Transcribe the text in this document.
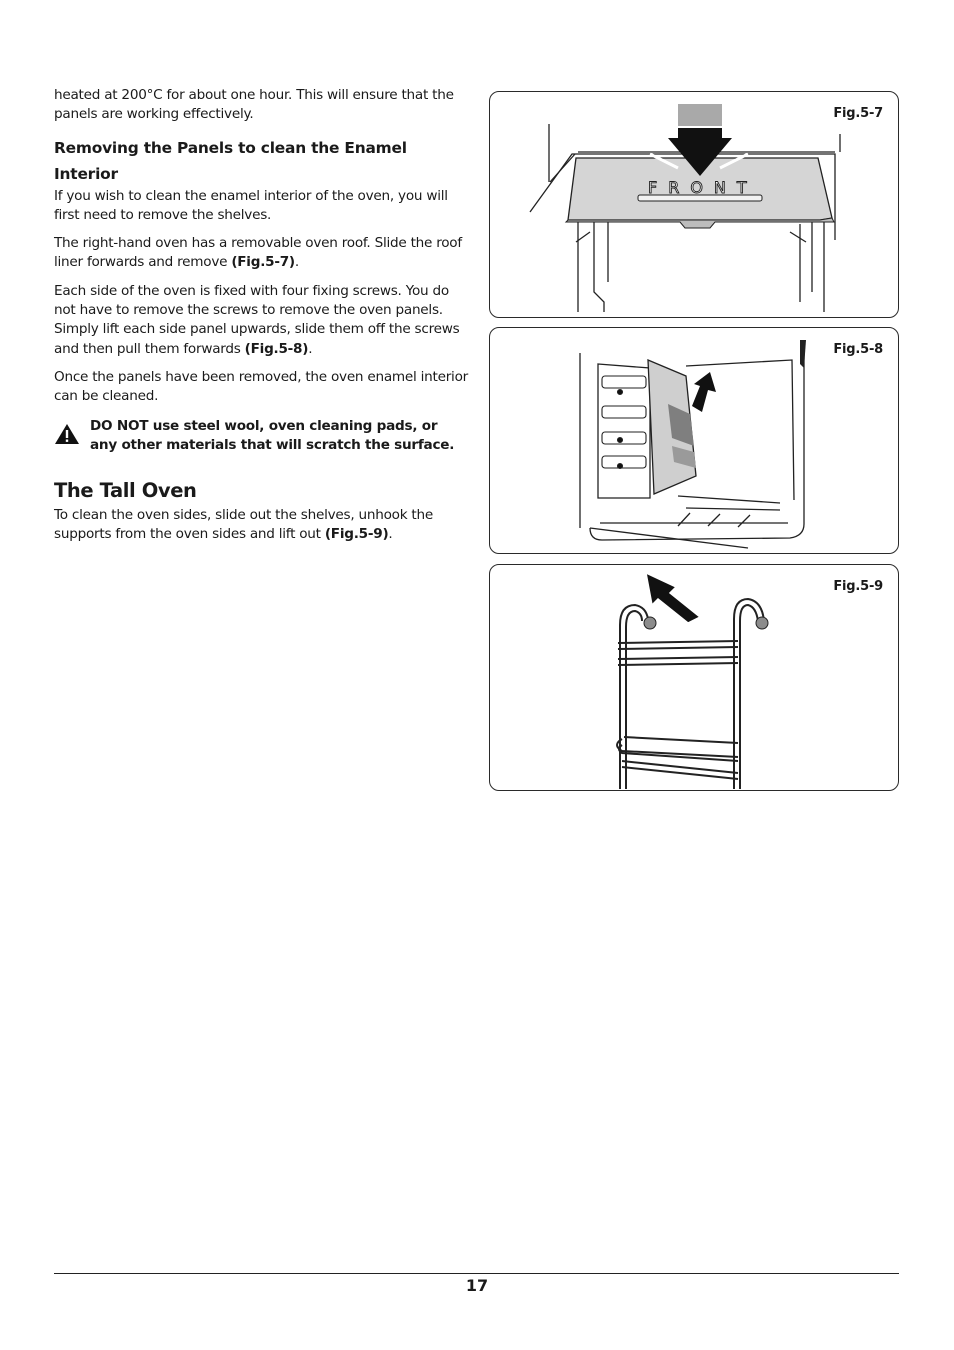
heated at 200°C for about one hour. This will ensure that the panels are working effectively.

Removing the Panels to clean the Enamel Interior

If you wish to clean the enamel interior of the oven, you will first need to remove the shelves.

The right-hand oven has a removable oven roof. Slide the roof liner forwards and remove (Fig.5-7).

Each side of the oven is fixed with four fixing screws. You do not have to remove the screws to remove the oven panels. Simply lift each side panel upwards, slide them off the screws and then pull them forwards (Fig.5-8).

Once the panels have been removed, the oven enamel interior can be cleaned.

DO NOT use steel wool, oven cleaning pads, or any other materials that will scratch the surface.

The Tall Oven

To clean the oven sides, slide out the shelves, unhook the supports from the oven sides and lift out (Fig.5-9).

FRONT
Fig.5-7
Fig.5-8
Fig.5-9
17
